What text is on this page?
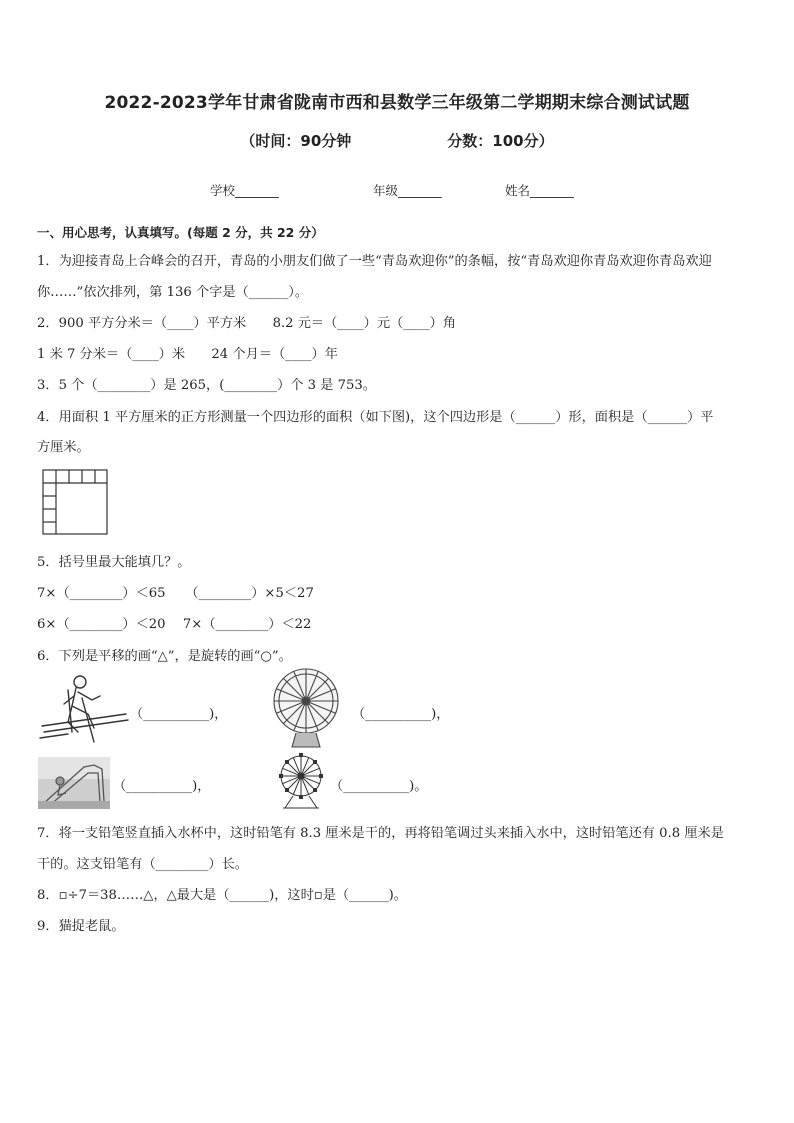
2022-2023学年甘肃省陇南市西和县数学三年级第二学期期末综合测试试题
（时间：90分钟	分数：100分）
学校_______	年级_______	姓名_______
一、用心思考，认真填写。(每题 2 分，共 22 分）
1．为迎接青岛上合峰会的召开，青岛的小朋友们做了一些“青岛欢迎你”的条幅，按“青岛欢迎你青岛欢迎你青岛欢迎
你……”依次排列，第 136 个字是（______）。
2．900 平方分米＝（____）平方米　　8.2 元＝（____）元（____）角
1 米 7 分米＝（____）米　　24 个月＝（____）年
3．5 个（________）是 265，(________）个 3 是 753。
4．用面积 1 平方厘米的正方形测量一个四边形的面积（如下图)，这个四边形是（______）形，面积是（______）平
方厘米。
5．括号里最大能填几？。
7×（________）＜65　　（________）×5＜27
6×（________）＜20　 7×（________）＜22
6．下列是平移的画“△”，是旋转的画“○”。
（__________)，	（__________)，
（__________)，	（__________)。
7．将一支铅笔竖直插入水杯中，这时铅笔有 8.3 厘米是干的，再将铅笔调过头来插入水中，这时铅笔还有 0.8 厘米是
干的。这支铅笔有（________）长。
8．▫÷7＝38……△，△最大是（______)，这时▫是（______)。
9．猫捉老鼠。
